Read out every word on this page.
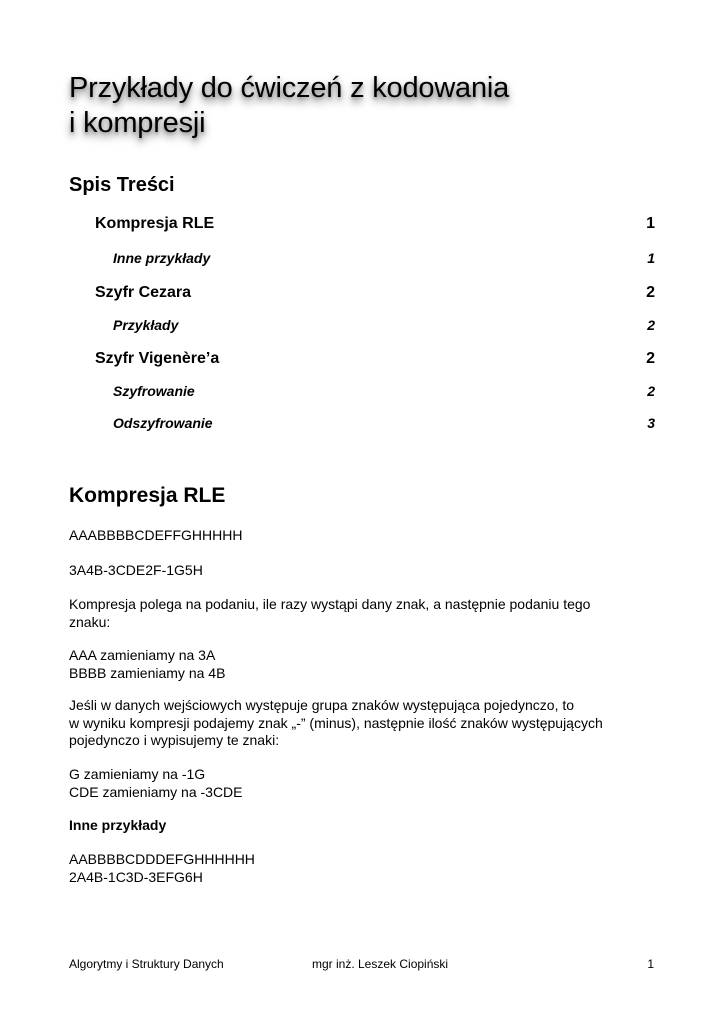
Przykłady do ćwiczeń z kodowania
i kompresji
Spis Treści
Kompresja RLE	1
Inne przykłady	1
Szyfr Cezara	2
Przykłady	2
Szyfr Vigenère’a	2
Szyfrowanie	2
Odszyfrowanie	3
Kompresja RLE

AAABBBBCDEFFGHHHHH

3A4B-3CDE2F-1G5H

Kompresja polega na podaniu, ile razy wystąpi dany znak, a następnie podaniu tego
znaku:

AAA zamieniamy na 3A
BBBB zamieniamy na 4B

Jeśli w danych wejściowych występuje grupa znaków występująca pojedynczo, to
w wyniku kompresji podajemy znak „-” (minus), następnie ilość znaków występujących
pojedynczo i wypisujemy te znaki:

G zamieniamy na -1G
CDE zamieniamy na -3CDE

Inne przykłady

AABBBBCDDDEFGHHHHHH
2A4B-1C3D-3EFG6H

Algorytmy i Struktury Danych	mgr inż. Leszek Ciopiński	1
